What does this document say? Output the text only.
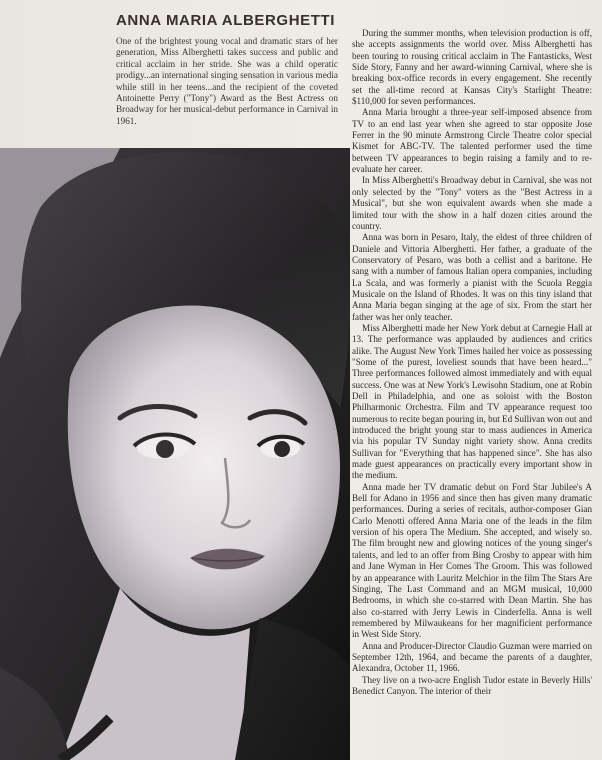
ANNA MARIA ALBERGHETTI

One of the brightest young vocal and dramatic stars of her generation, Miss Alberghetti takes success and public and critical acclaim in her stride. She was a child operatic prodigy...an international singing sensation in various media while still in her teens...and the recipient of the coveted Antoinette Perry ("Tony") Award as the Best Actress on Broadway for her musical-debut performance in Carnival in 1961.

During the summer months, when television production is off, she accepts assignments the world over. Miss Alberghetti has been touring to rousing critical acclaim in The Fantasticks, West Side Story, Fanny and her award-winning Carnival, where she is breaking box-office records in every engagement. She recently set the all-time record at Kansas City's Starlight Theatre: $110,000 for seven performances.

Anna Maria brought a three-year self-imposed absence from TV to an end last year when she agreed to star opposite Jose Ferrer in the 90 minute Armstrong Circle Theatre color special Kismet for ABC-TV. The talented performer used the time between TV appearances to begin raising a family and to re-evaluate her career.

In Miss Alberghetti's Broadway debut in Carnival, she was not only selected by the "Tony" voters as the "Best Actress in a Musical", but she won equivalent awards when she made a limited tour with the show in a half dozen cities around the country.

Anna was born in Pesaro, Italy, the eldest of three children of Daniele and Vittoria Alberghetti. Her father, a graduate of the Conservatory of Pesaro, was both a cellist and a baritone. He sang with a number of famous Italian opera companies, including La Scala, and was formerly a pianist with the Scuola Reggia Musicale on the Island of Rhodes. It was on this tiny island that Anna Maria began singing at the age of six. From the start her father was her only teacher.

Miss Alberghetti made her New York debut at Carnegie Hall at 13. The performance was applauded by audiences and critics alike. The August New York Times hailed her voice as possessing "Some of the purest, loveliest sounds that have been heard..." Three performances followed almost immediately and with equal success. One was at New York's Lewisohn Stadium, one at Robin Dell in Philadelphia, and one as soloist with the Boston Philharmonic Orchestra. Film and TV appearance request too numerous to recite began pouring in, but Ed Sullivan won out and introduced the bright young star to mass audiences in America via his popular TV Sunday night variety show. Anna credits Sullivan for "Everything that has happened since". She has also made guest appearances on practically every important show in the medium.

Anna made her TV dramatic debut on Ford Star Jubilee's A Bell for Adano in 1956 and since then has given many dramatic performances. During a series of recitals, author-composer Gian Carlo Menotti offered Anna Maria one of the leads in the film version of his opera The Medium. She accepted, and wisely so. The film brought new and glowing notices of the young singer's talents, and led to an offer from Bing Crosby to appear with him and Jane Wyman in Her Comes The Groom. This was followed by an appearance with Lauritz Melchior in the film The Stars Are Singing, The Last Command and an MGM musical, 10,000 Bedrooms, in which she co-starred with Dean Martin. She has also co-starred with Jerry Lewis in Cinderfella. Anna is well remembered by Milwaukeans for her magnificient performance in West Side Story.

Anna and Producer-Director Claudio Guzman were married on September 12th, 1964, and became the parents of a daughter, Alexandra, October 11, 1966.

They live on a two-acre English Tudor estate in Beverly Hills' Benedict Canyon. The interior of their
